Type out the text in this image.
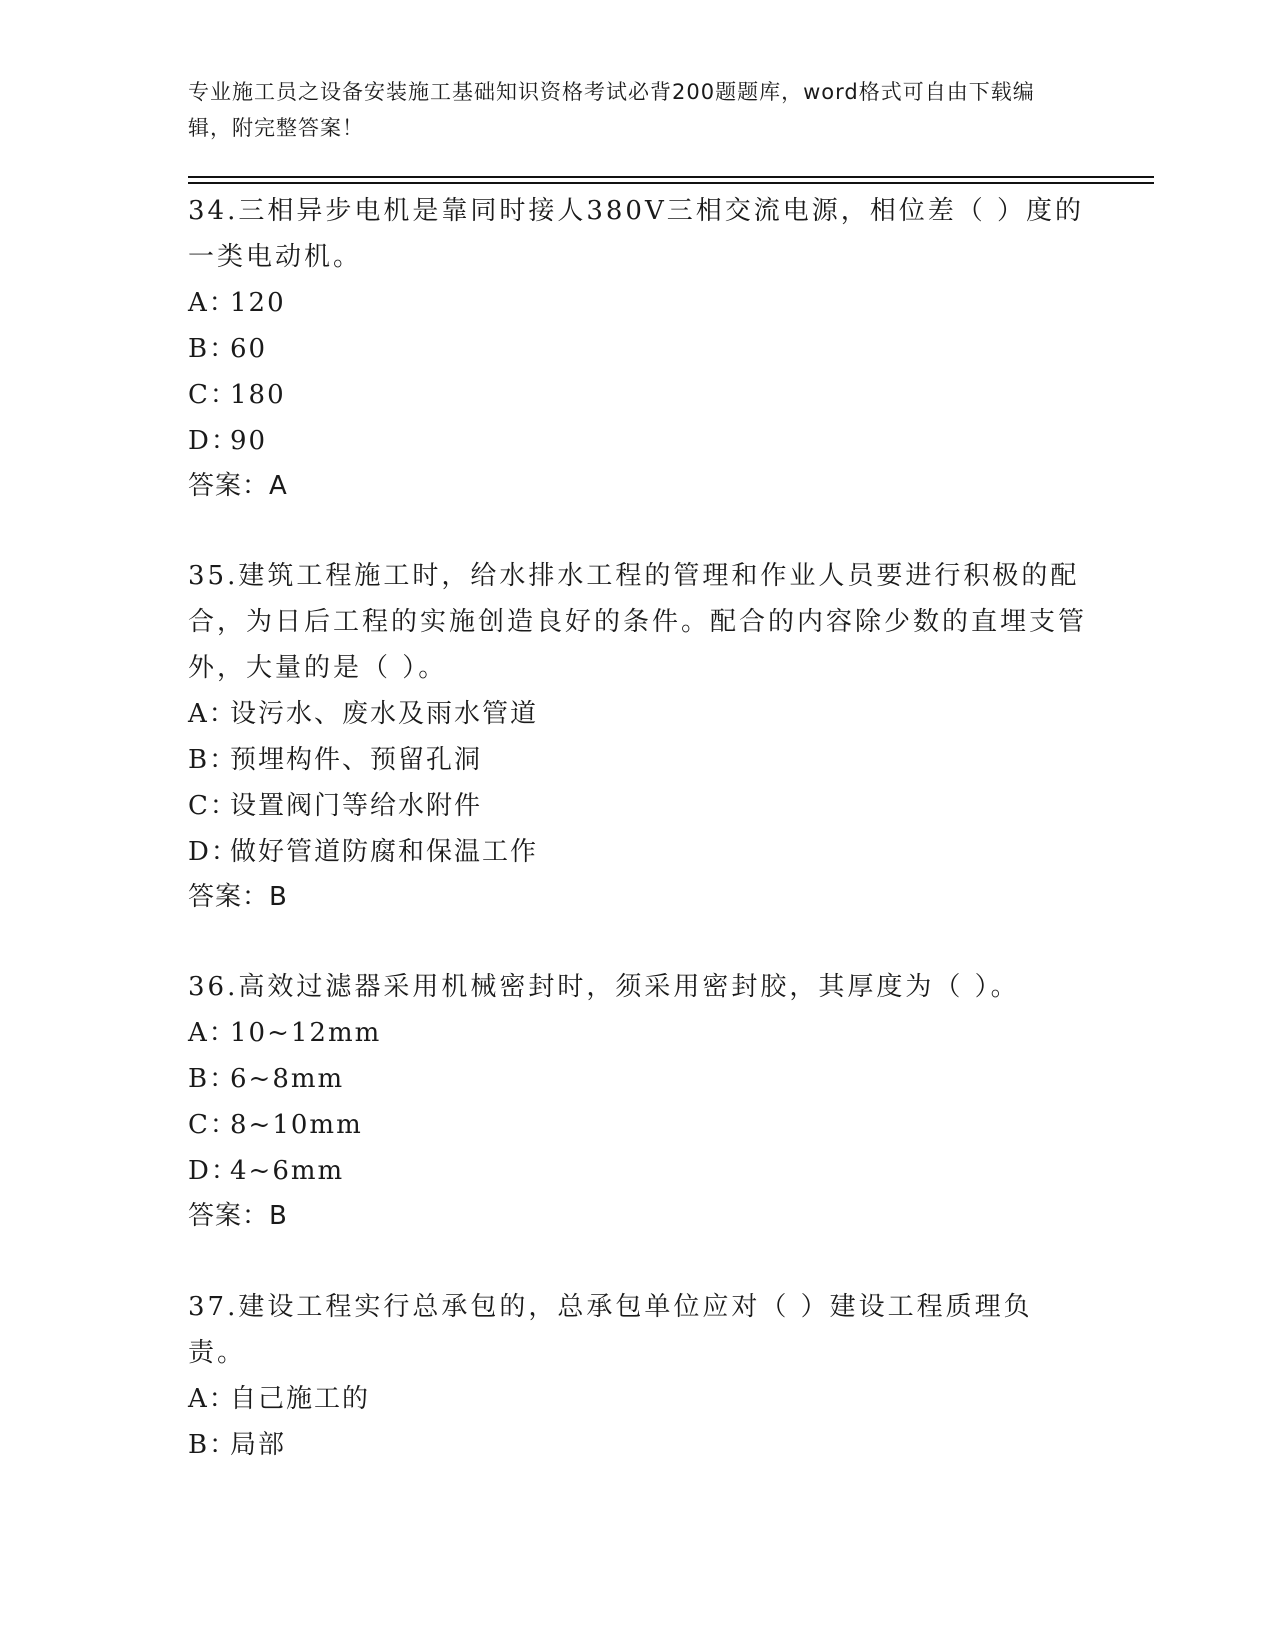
专业施工员之设备安装施工基础知识资格考试必背200题题库，word格式可自由下载编辑，附完整答案！

34.三相异步电机是靠同时接人380V三相交流电源，相位差（ ）度的一类电动机。

A：120

B：60

C：180

D：90

答案：A

35.建筑工程施工时，给水排水工程的管理和作业人员要进行积极的配合，为日后工程的实施创造良好的条件。配合的内容除少数的直埋支管外，大量的是（ ）。

A：设污水、废水及雨水管道

B：预埋构件、预留孔洞

C：设置阀门等给水附件

D：做好管道防腐和保温工作

答案：B

36.高效过滤器采用机械密封时，须采用密封胶，其厚度为（ ）。

A：10~12mm

B：6~8mm

C：8~10mm

D：4~6mm

答案：B

37.建设工程实行总承包的，总承包单位应对（ ）建设工程质理负责。

A：自己施工的

B：局部
